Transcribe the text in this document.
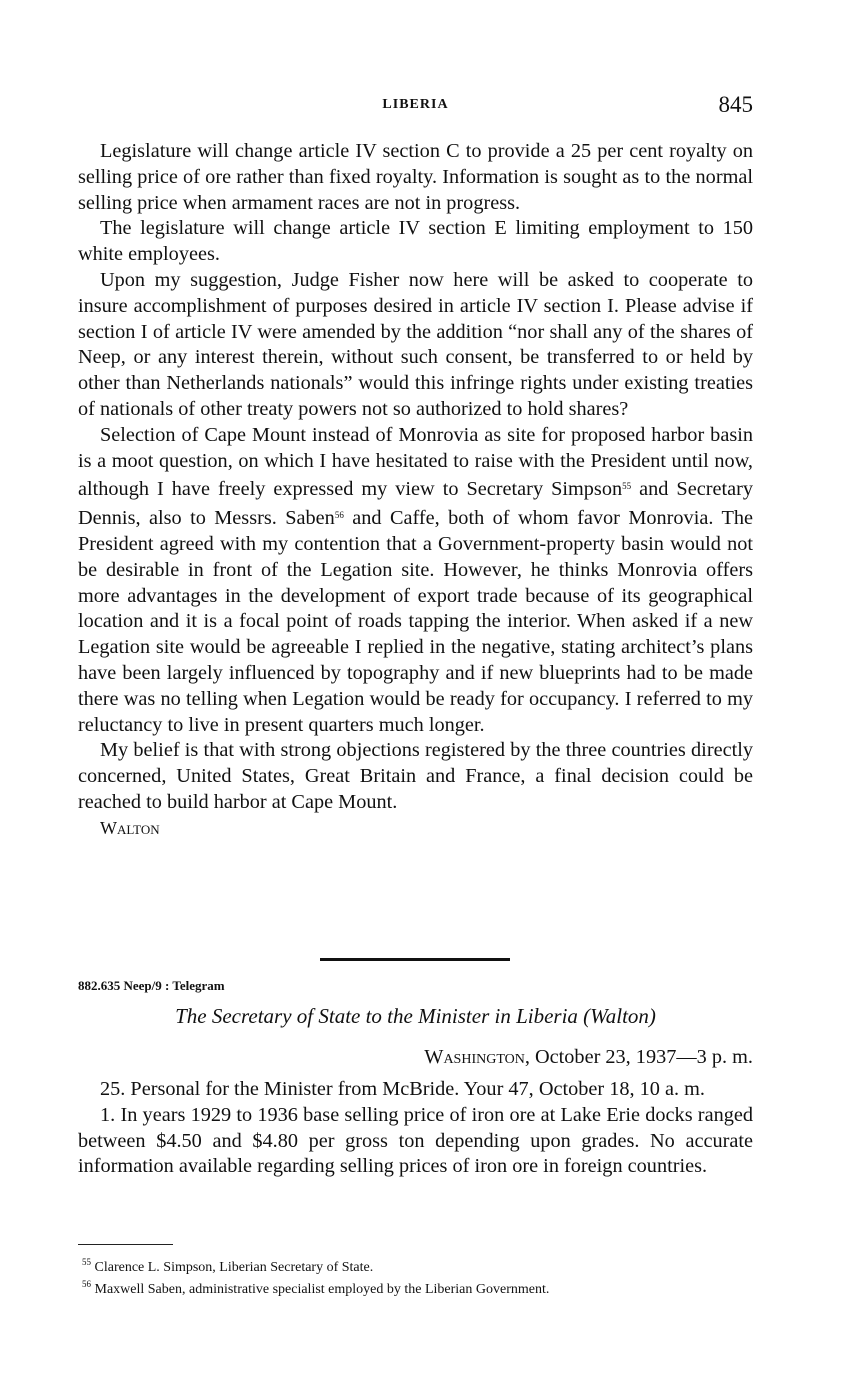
LIBERIA	845

Legislature will change article IV section C to provide a 25 per cent royalty on selling price of ore rather than fixed royalty. Information is sought as to the normal selling price when armament races are not in progress.

The legislature will change article IV section E limiting employment to 150 white employees.

Upon my suggestion, Judge Fisher now here will be asked to cooperate to insure accomplishment of purposes desired in article IV section I. Please advise if section I of article IV were amended by the addition “nor shall any of the shares of Neep, or any interest therein, without such consent, be transferred to or held by other than Netherlands nationals” would this infringe rights under existing treaties of nationals of other treaty powers not so authorized to hold shares?

Selection of Cape Mount instead of Monrovia as site for proposed harbor basin is a moot question, on which I have hesitated to raise with the President until now, although I have freely expressed my view to Secretary Simpson$^{55}$ and Secretary Dennis, also to Messrs. Saben$^{56}$ and Caffe, both of whom favor Monrovia. The President agreed with my contention that a Government-property basin would not be desirable in front of the Legation site. However, he thinks Monrovia offers more advantages in the development of export trade because of its geographical location and it is a focal point of roads tapping the interior. When asked if a new Legation site would be agreeable I replied in the negative, stating architect’s plans have been largely influenced by topography and if new blueprints had to be made there was no telling when Legation would be ready for occupancy. I referred to my reluctancy to live in present quarters much longer.

My belief is that with strong objections registered by the three countries directly concerned, United States, Great Britain and France, a final decision could be reached to build harbor at Cape Mount.

Walton

882.635 Neep/9 : Telegram
The Secretary of State to the Minister in Liberia (Walton)
Washington, October 23, 1937—3 p. m.

25. Personal for the Minister from McBride. Your 47, October 18, 10 a. m.

1. In years 1929 to 1936 base selling price of iron ore at Lake Erie docks ranged between $4.50 and $4.80 per gross ton depending upon grades. No accurate information available regarding selling prices of iron ore in foreign countries.

$^{55}$ Clarence L. Simpson, Liberian Secretary of State.

$^{56}$ Maxwell Saben, administrative specialist employed by the Liberian Government.
